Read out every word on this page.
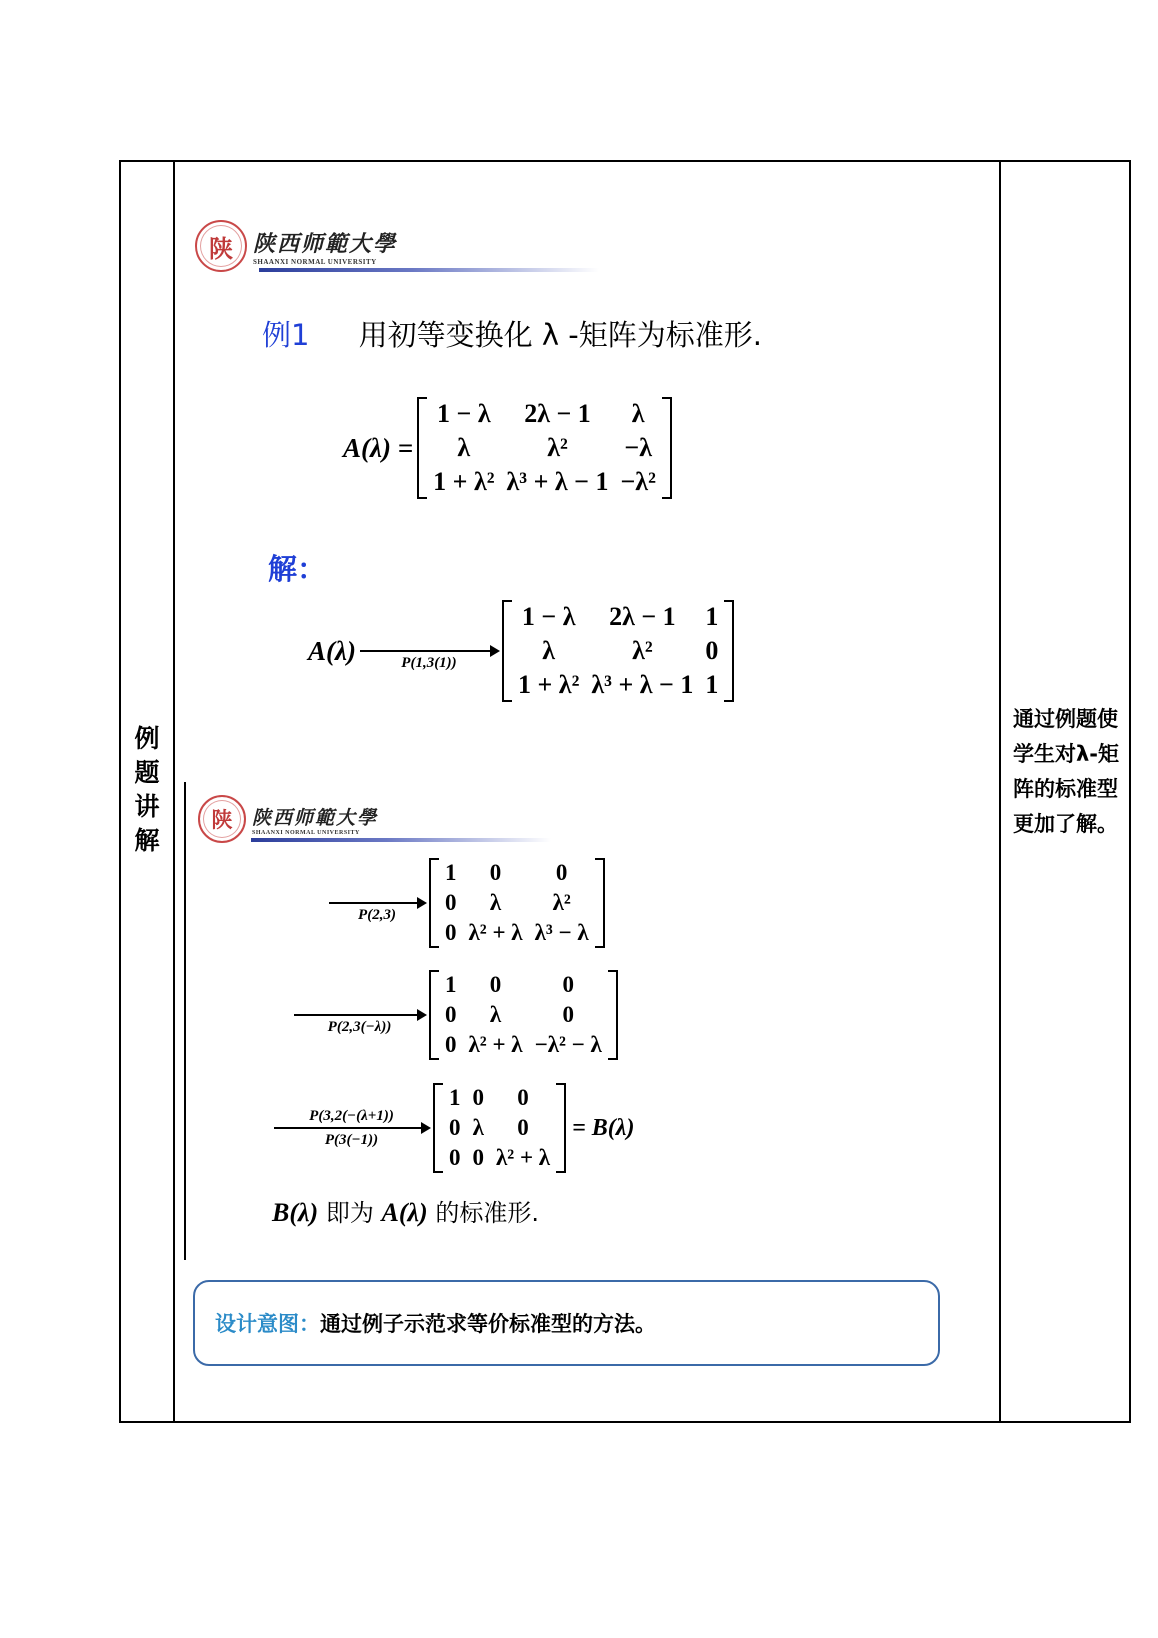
例
题
讲
解
通过例题使学生对λ-矩阵的标准型更加了解。
陕 陕西师範大學
SHAANXI NORMAL UNIVERSITY
例1 用初等变换化 λ -矩阵为标准形.
A(λ) =
1 − λ	2λ − 1	λ
λ	λ²	−λ
1 + λ²	λ³ + λ − 1	−λ²
解：
A(λ)	P(1,3(1))
1 − λ	2λ − 1	1
λ	λ²	0
1 + λ²	λ³ + λ − 1	1
陕 陕西师範大學
SHAANXI NORMAL UNIVERSITY
P(2,3)
1	0	0
0	λ	λ²
0	λ² + λ	λ³ − λ
P(2,3(−λ))
1	0	0
0	λ	0
0	λ² + λ	−λ² − λ
P(3,2(−(λ+1))
P(3(−1))
1	0	0
0	λ	0
0	0	λ² + λ
= B(λ)
B(λ) 即为 A(λ) 的标准形.
设计意图： 通过例子示范求等价标准型的方法。
